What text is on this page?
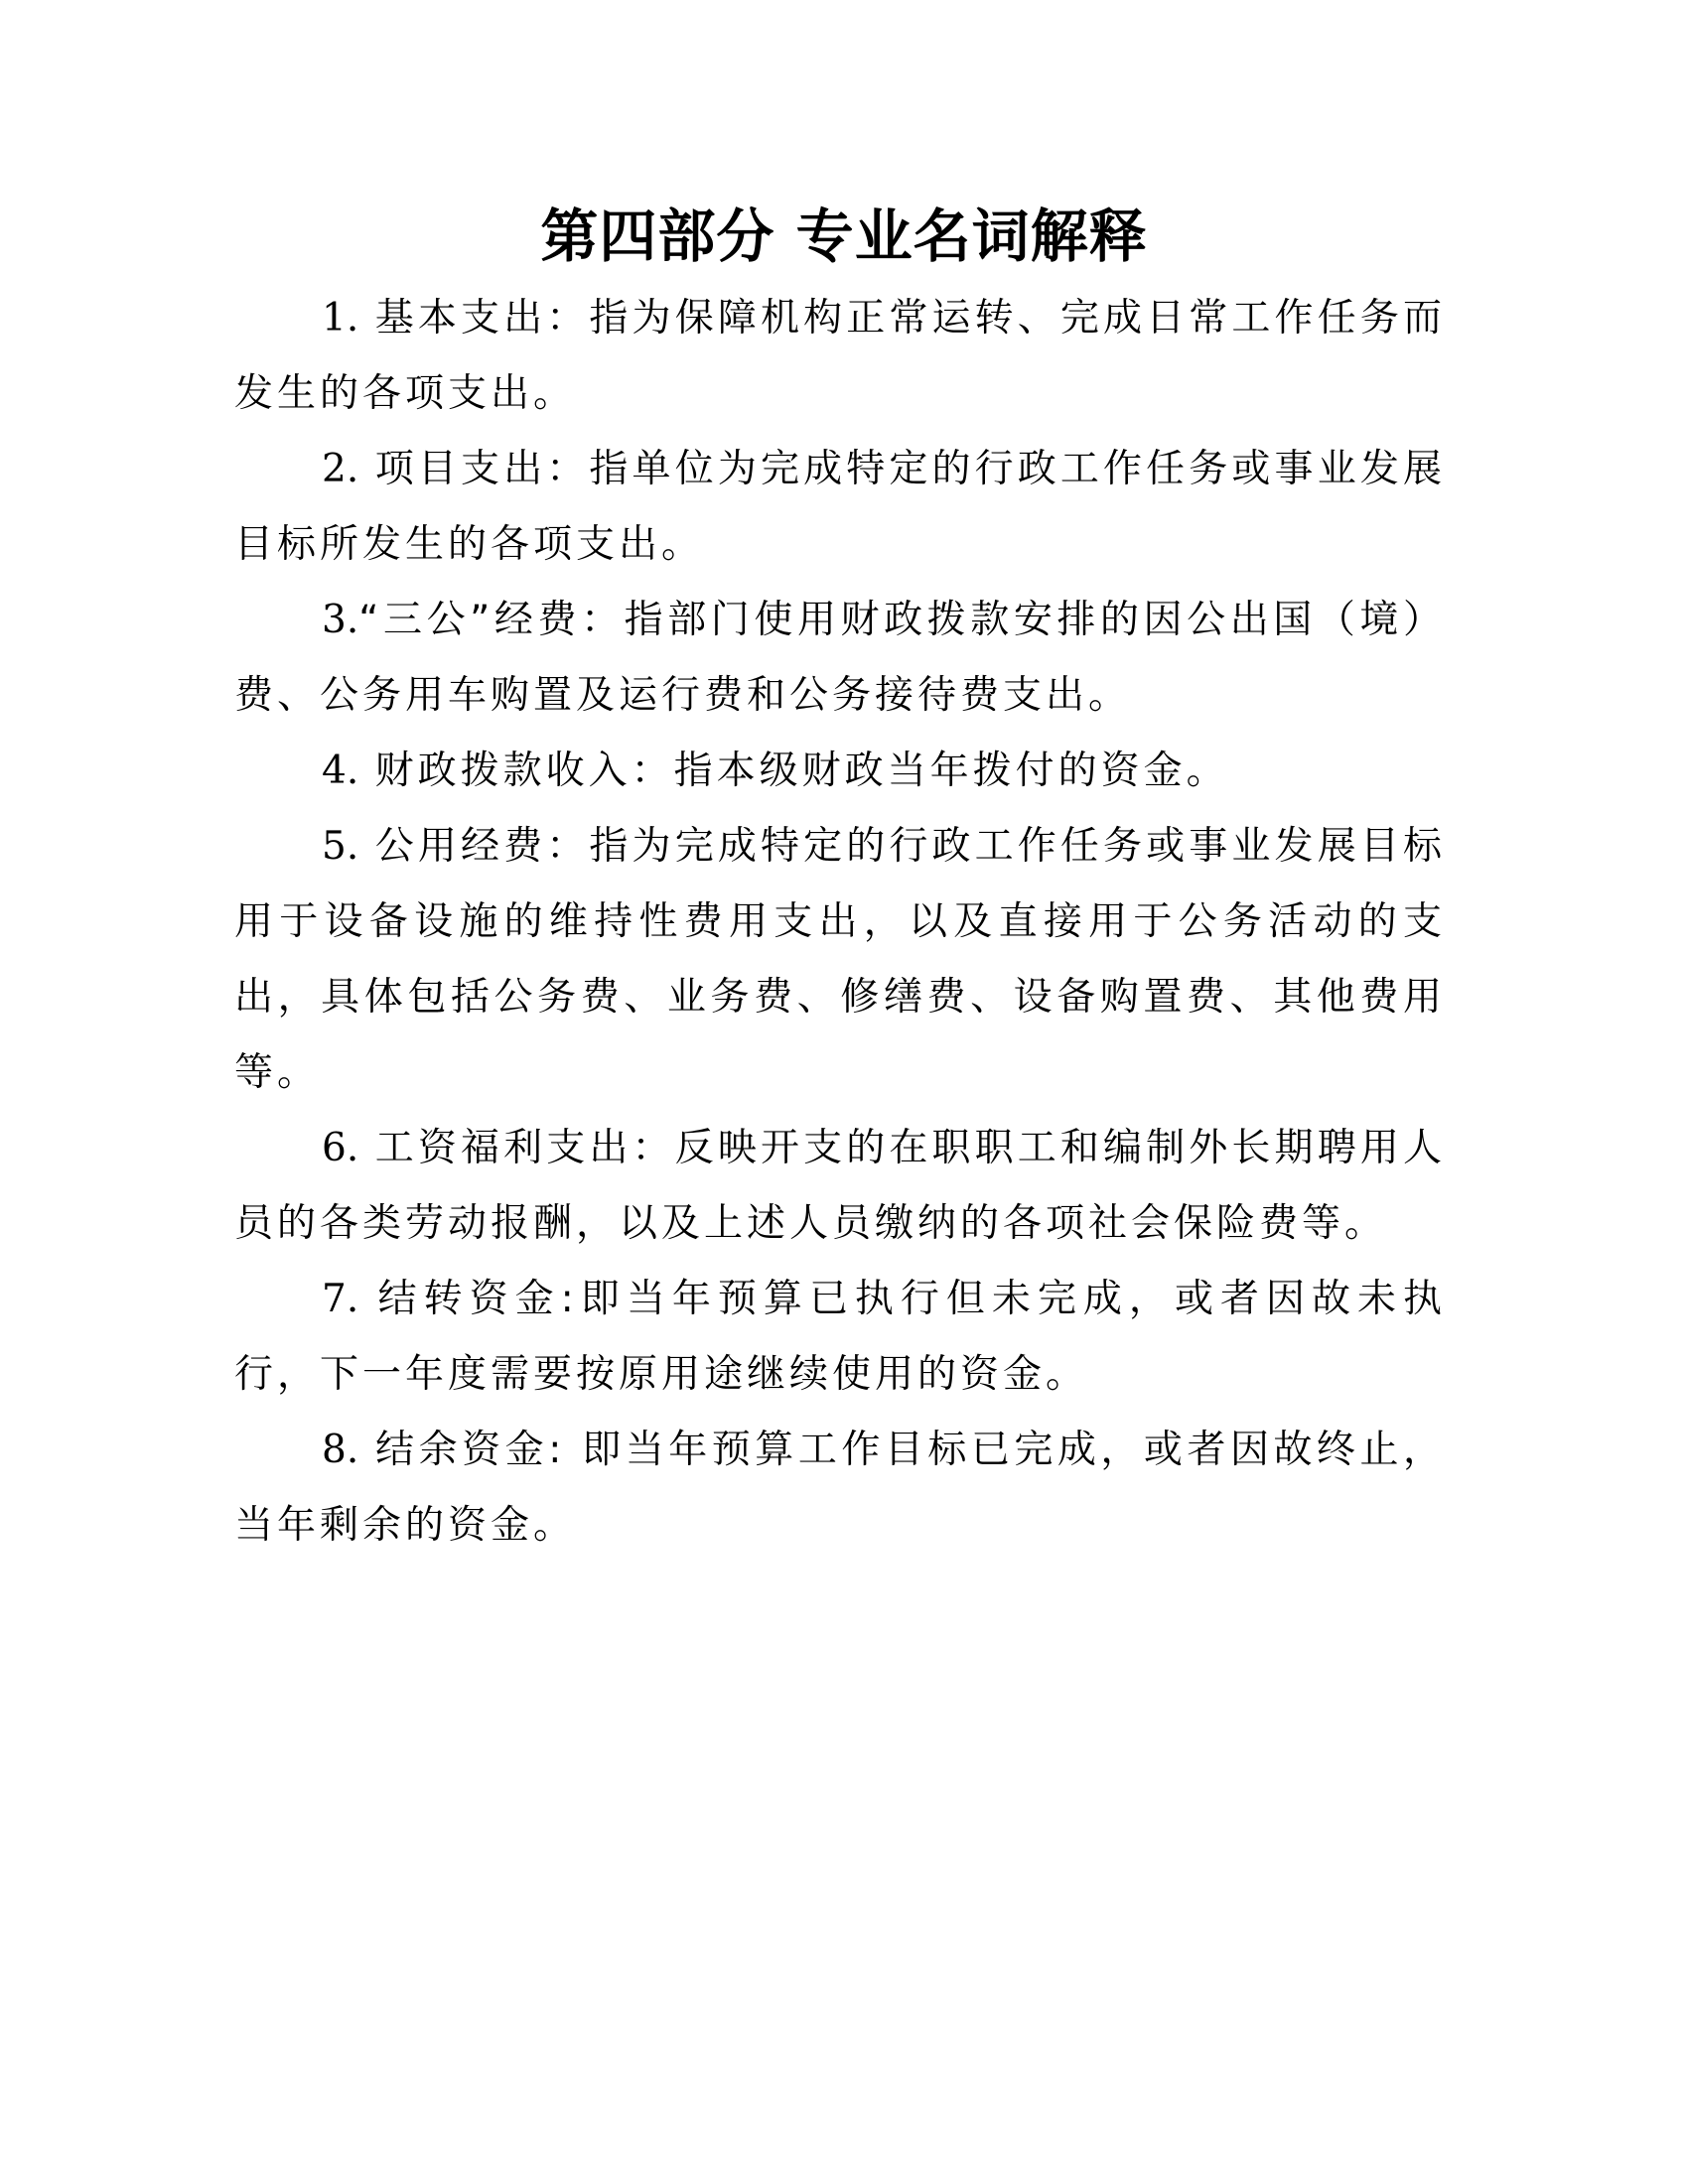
第四部分 专业名词解释

1. 基本支出：指为保障机构正常运转、完成日常工作任务而发生的各项支出。

2. 项目支出：指单位为完成特定的行政工作任务或事业发展目标所发生的各项支出。

3.“三公”经费：指部门使用财政拨款安排的因公出国（境）费、公务用车购置及运行费和公务接待费支出。

4. 财政拨款收入：指本级财政当年拨付的资金。

5. 公用经费：指为完成特定的行政工作任务或事业发展目标用于设备设施的维持性费用支出，以及直接用于公务活动的支出，具体包括公务费、业务费、修缮费、设备购置费、其他费用等。

6. 工资福利支出：反映开支的在职职工和编制外长期聘用人员的各类劳动报酬，以及上述人员缴纳的各项社会保险费等。

7. 结转资金:即当年预算已执行但未完成，或者因故未执行，下一年度需要按原用途继续使用的资金。

8. 结余资金: 即当年预算工作目标已完成，或者因故终止，当年剩余的资金。
